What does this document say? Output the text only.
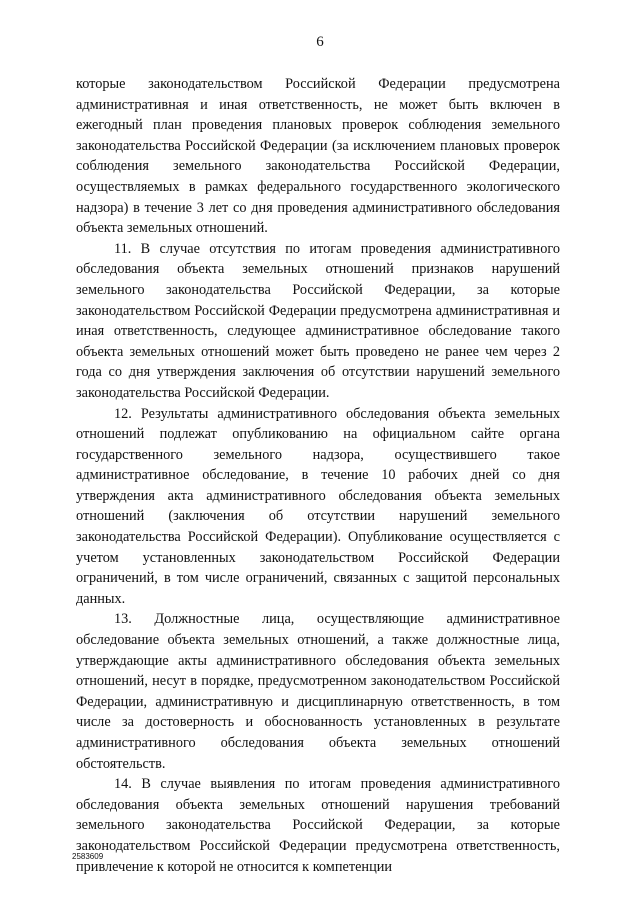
6

которые законодательством Российской Федерации предусмотрена административная и иная ответственность, не может быть включен в ежегодный план проведения плановых проверок соблюдения земельного законодательства Российской Федерации (за исключением плановых проверок соблюдения земельного законодательства Российской Федерации, осуществляемых в рамках федерального государственного экологического надзора) в течение 3 лет со дня проведения административного обследования объекта земельных отношений.

11. В случае отсутствия по итогам проведения административного обследования объекта земельных отношений признаков нарушений земельного законодательства Российской Федерации, за которые законодательством Российской Федерации предусмотрена административная и иная ответственность, следующее административное обследование такого объекта земельных отношений может быть проведено не ранее чем через 2 года со дня утверждения заключения об отсутствии нарушений земельного законодательства Российской Федерации.

12. Результаты административного обследования объекта земельных отношений подлежат опубликованию на официальном сайте органа государственного земельного надзора, осуществившего такое административное обследование, в течение 10 рабочих дней со дня утверждения акта административного обследования объекта земельных отношений (заключения об отсутствии нарушений земельного законодательства Российской Федерации). Опубликование осуществляется с учетом установленных законодательством Российской Федерации ограничений, в том числе ограничений, связанных с защитой персональных данных.

13. Должностные лица, осуществляющие административное обследование объекта земельных отношений, а также должностные лица, утверждающие акты административного обследования объекта земельных отношений, несут в порядке, предусмотренном законодательством Российской Федерации, административную и дисциплинарную ответственность, в том числе за достоверность и обоснованность установленных в результате административного обследования объекта земельных отношений обстоятельств.

14. В случае выявления по итогам проведения административного обследования объекта земельных отношений нарушения требований земельного законодательства Российской Федерации, за которые законодательством Российской Федерации предусмотрена ответственность, привлечение к которой не относится к компетенции

2583609
